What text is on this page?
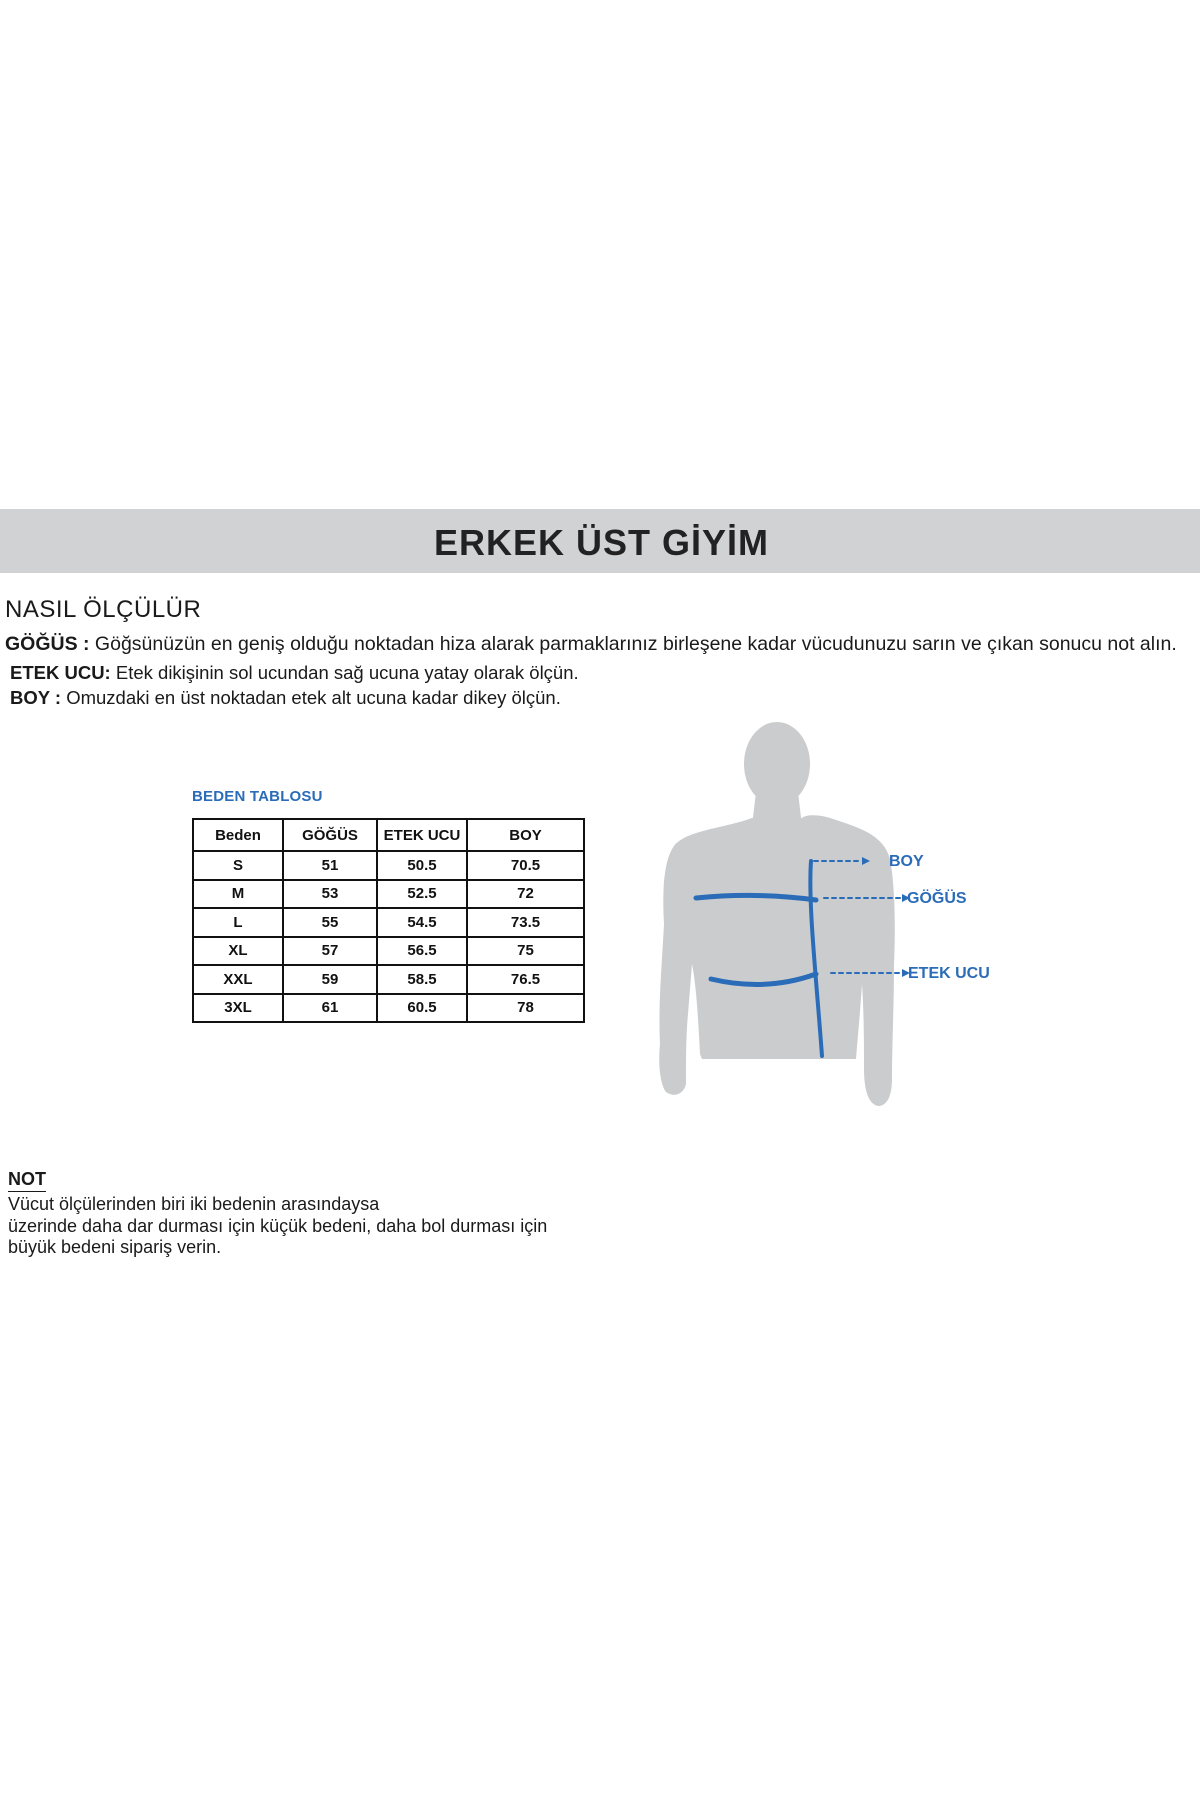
ERKEK ÜST GİYİM
NASIL ÖLÇÜLÜR
GÖĞÜS : Göğsünüzün en geniş olduğu noktadan hiza alarak parmaklarınız birleşene kadar vücudunuzu sarın ve çıkan sonucu not alın.
ETEK UCU: Etek dikişinin sol ucundan sağ ucuna yatay olarak ölçün.
BOY : Omuzdaki en üst noktadan etek alt ucuna kadar dikey ölçün.
BEDEN TABLOSU
Beden	GÖĞÜS	ETEK UCU	BOY
S	51	50.5	70.5
M	53	52.5	72
L	55	54.5	73.5
XL	57	56.5	75
XXL	59	58.5	76.5
3XL	61	60.5	78
BOY
GÖĞÜS
ETEK UCU
NOT
Vücut ölçülerinden biri iki bedenin arasındaysa
üzerinde daha dar durması için küçük bedeni, daha bol durması için
büyük bedeni sipariş verin.
